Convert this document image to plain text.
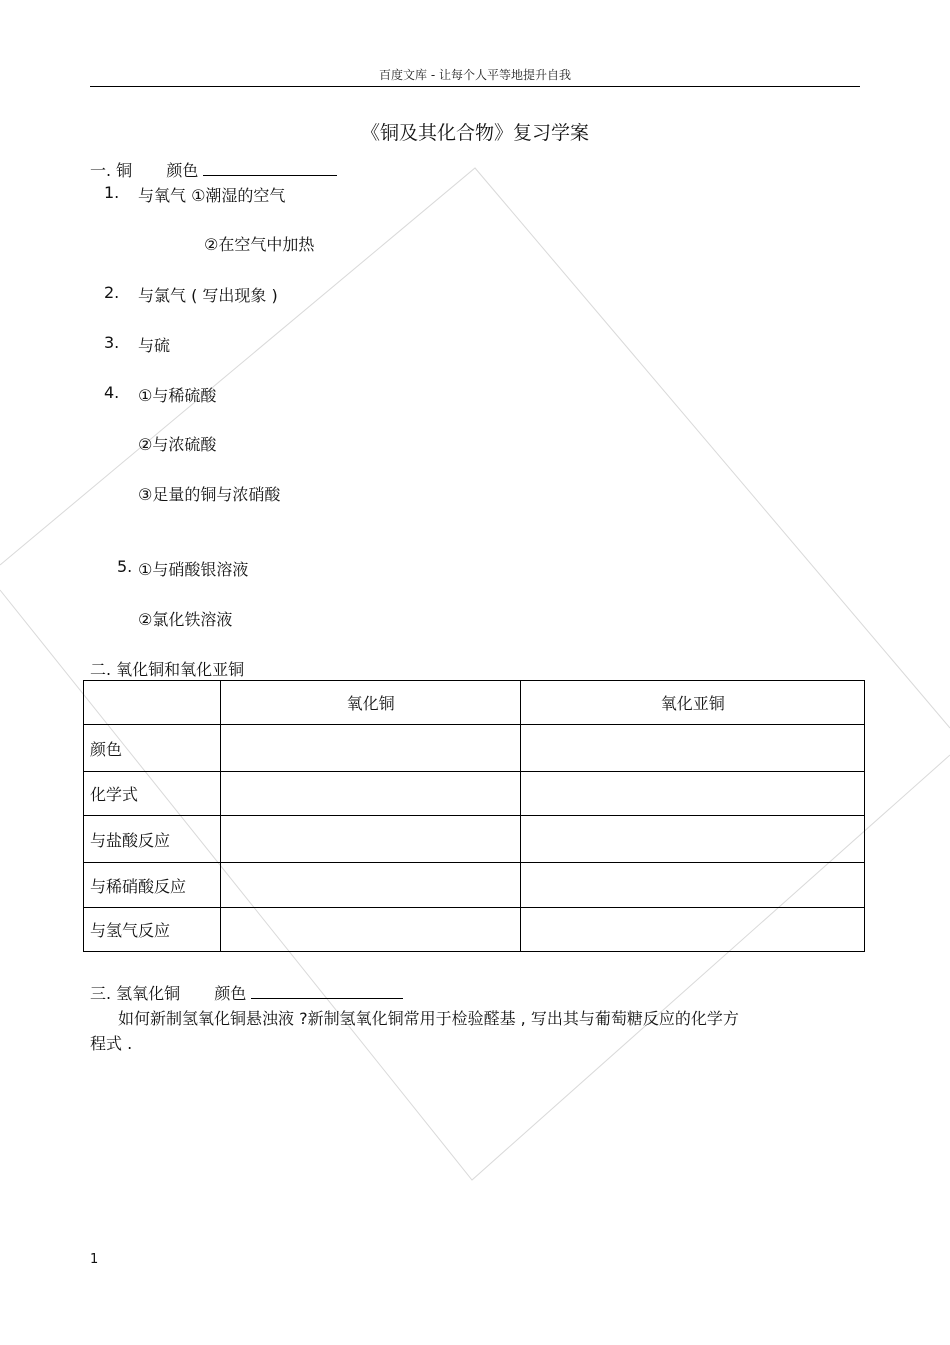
百度文库 - 让每个人平等地提升自我
《铜及其化合物》复习学案
一. 铜 颜色
1. 与氧气 ①潮湿的空气
②在空气中加热
2. 与氯气 ( 写出现象 )
3. 与硫
4. ①与稀硫酸
②与浓硫酸
③足量的铜与浓硝酸
5. ①与硝酸银溶液
②氯化铁溶液
二. 氧化铜和氧化亚铜
	氧化铜	氧化亚铜
颜色		
化学式		
与盐酸反应		
与稀硝酸反应		
与氢气反应		
三. 氢氧化铜 颜色
如何新制氢氧化铜悬浊液 ?新制氢氧化铜常用于检验醛基 , 写出其与葡萄糖反应的化学方
程式 .
1
